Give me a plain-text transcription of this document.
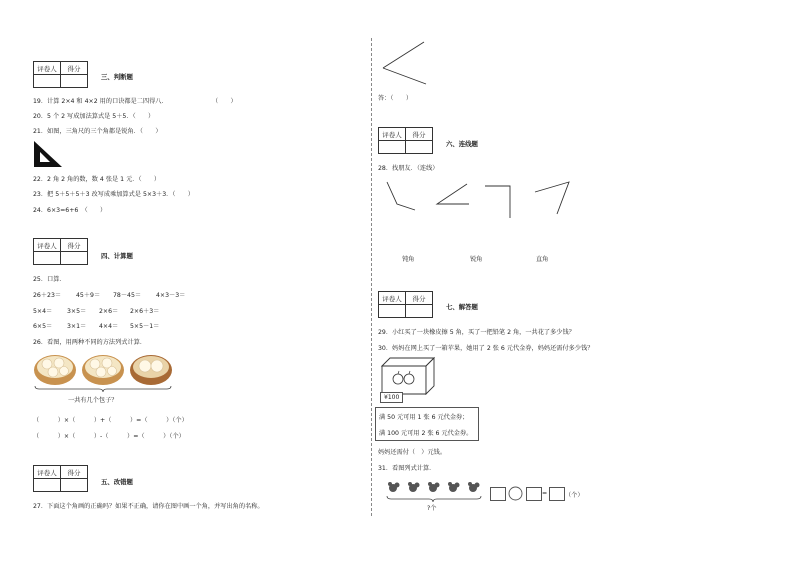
评卷人	得分

三、判断题
19．计算 2×4 和 4×2 用的口诀都是二四得八．	（　　）
20．5 个 2 写成加法算式是 5＋5．（　　）
21．如图，三角尺的三个角都是锐角．（　　）
22．2 角 2 角的数，数 4 张是 1 元．（　　）
23．把 5＋5＋5＋3 改写成乘加算式是 5×3＋3．（　　）
24．6×3=6+6　（　　）
评卷人	得分

四、计算题
25．口算．
26＋23＝ 45＋9＝ 78－45＝ 4×3－3＝
5×4＝ 3×5＝ 2×6＝ 2×6＋3＝
6×5＝ 3×1＝ 4×4＝ 5×5－1＝
26．看图，用两种不同的方法列式计算．
一共有几个包子？
（　　　）×（　　　）+（　　　）=（　　　）（个）
（　　　）×（　　　）-（　　　）=（　　　）（个）
评卷人	得分

五、改错题
27．下面这个角画的正确吗？如果不正确，请你在图中画一个角，并写出角的名称。
答：（　　）
评卷人	得分

六、连线题
28．找朋友．（连线）
钝角	锐角	直角
评卷人	得分

七、解答题
29．小红买了一块橡皮擦 5 角，买了一把铅笔 2 角，一共花了多少钱？
30．妈妈在网上买了一箱苹果，她用了 2 张 6 元代金券，妈妈还需付多少钱？
¥100
满 50 元可用 1 张 6 元代金券；
满 100 元可用 2 张 6 元代金券。
妈妈还需付（　）元钱。
31．看图列式计算．
?个
=	（个）
